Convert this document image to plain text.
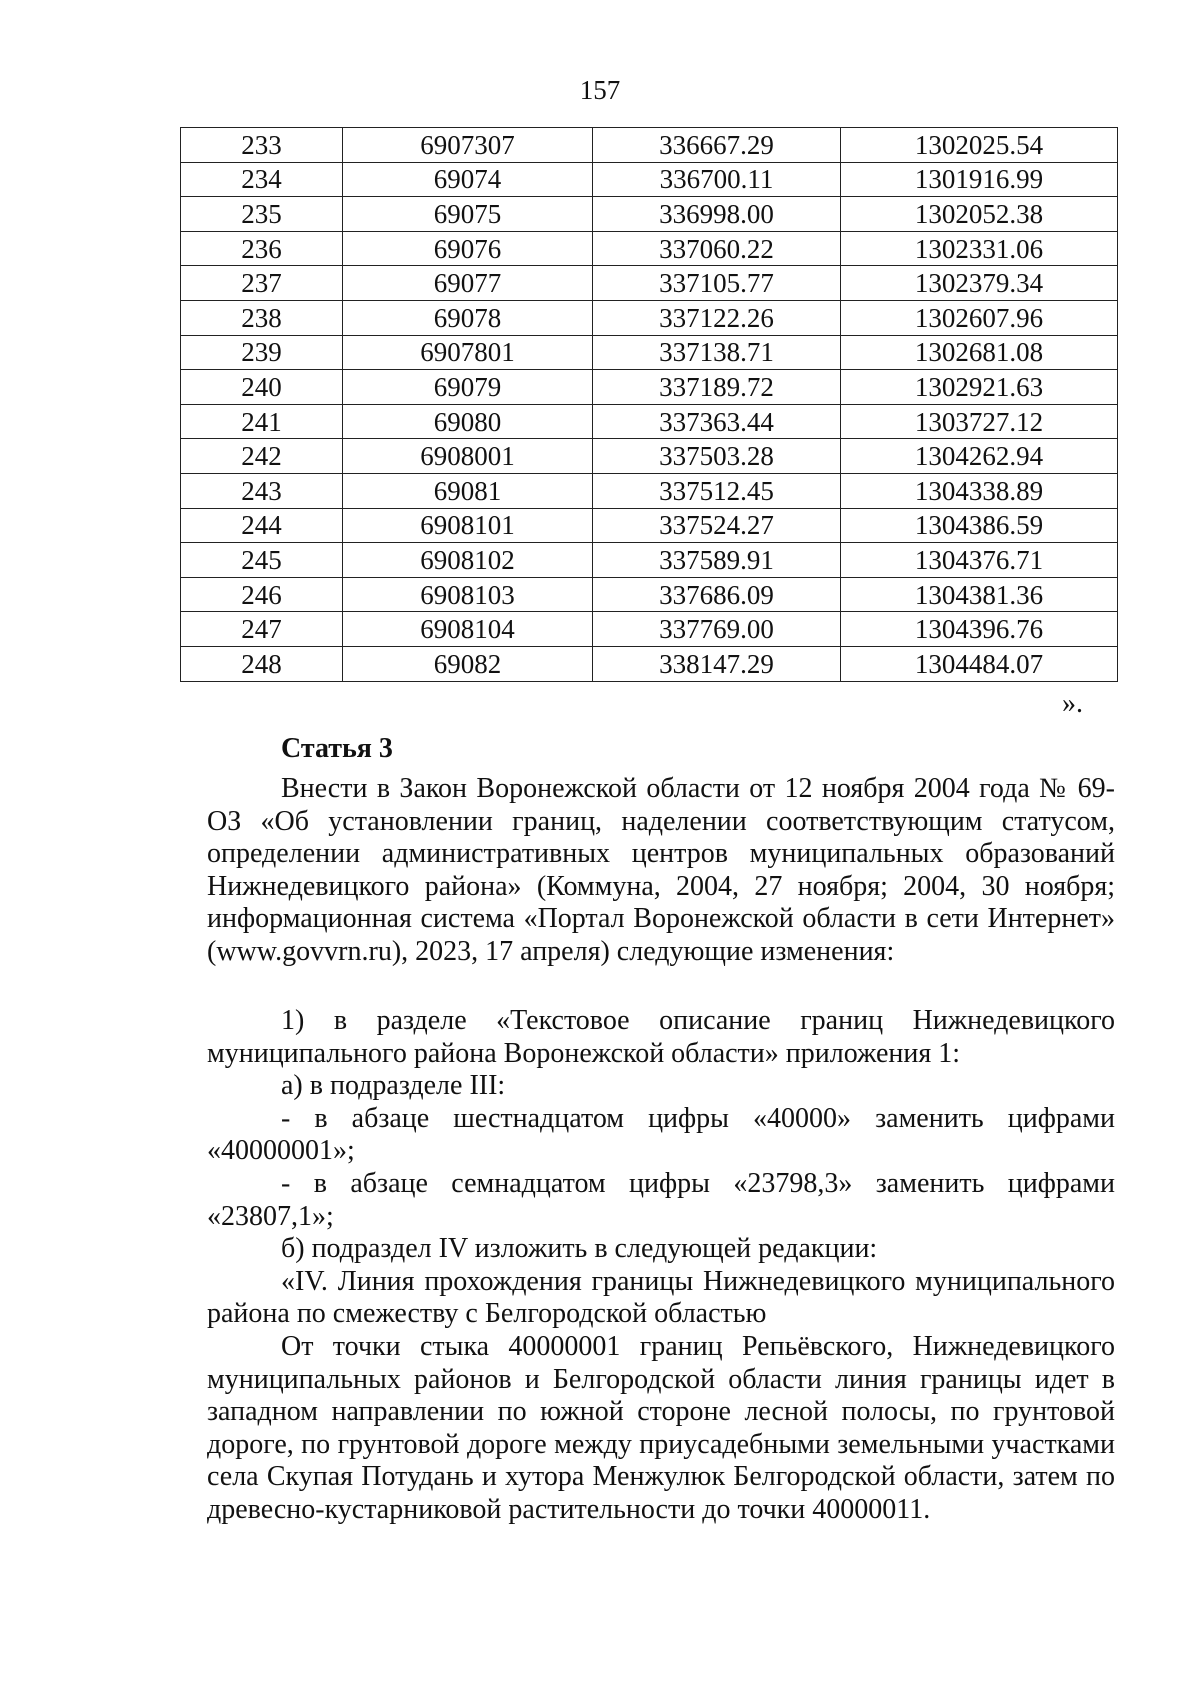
157
233	6907307	336667.29	1302025.54
234	69074	336700.11	1301916.99
235	69075	336998.00	1302052.38
236	69076	337060.22	1302331.06
237	69077	337105.77	1302379.34
238	69078	337122.26	1302607.96
239	6907801	337138.71	1302681.08
240	69079	337189.72	1302921.63
241	69080	337363.44	1303727.12
242	6908001	337503.28	1304262.94
243	69081	337512.45	1304338.89
244	6908101	337524.27	1304386.59
245	6908102	337589.91	1304376.71
246	6908103	337686.09	1304381.36
247	6908104	337769.00	1304396.76
248	69082	338147.29	1304484.07
».
Статья 3

Внести в Закон Воронежской области от 12 ноября 2004 года № 69-ОЗ «Об установлении границ, наделении соответствующим статусом, определении административных центров муниципальных образований Нижнедевицкого района» (Коммуна, 2004, 27 ноября; 2004, 30 ноября; информационная система «Портал Воронежской области в сети Интернет» (www.govvrn.ru), 2023, 17 апреля) следующие изменения:

1) в разделе «Текстовое описание границ Нижнедевицкого муниципального района Воронежской области» приложения 1:

а) в подразделе III:

- в абзаце шестнадцатом цифры «40000» заменить цифрами «40000001»;

- в абзаце семнадцатом цифры «23798,3» заменить цифрами «23807,1»;

б) подраздел IV изложить в следующей редакции:

«IV. Линия прохождения границы Нижнедевицкого муниципального района по смежеству с Белгородской областью

От точки стыка 40000001 границ Репьёвского, Нижнедевицкого муниципальных районов и Белгородской области линия границы идет в западном направлении по южной стороне лесной полосы, по грунтовой дороге, по грунтовой дороге между приусадебными земельными участками села Скупая Потудань и хутора Менжулюк Белгородской области, затем по древесно-кустарниковой растительности до точки 40000011.
